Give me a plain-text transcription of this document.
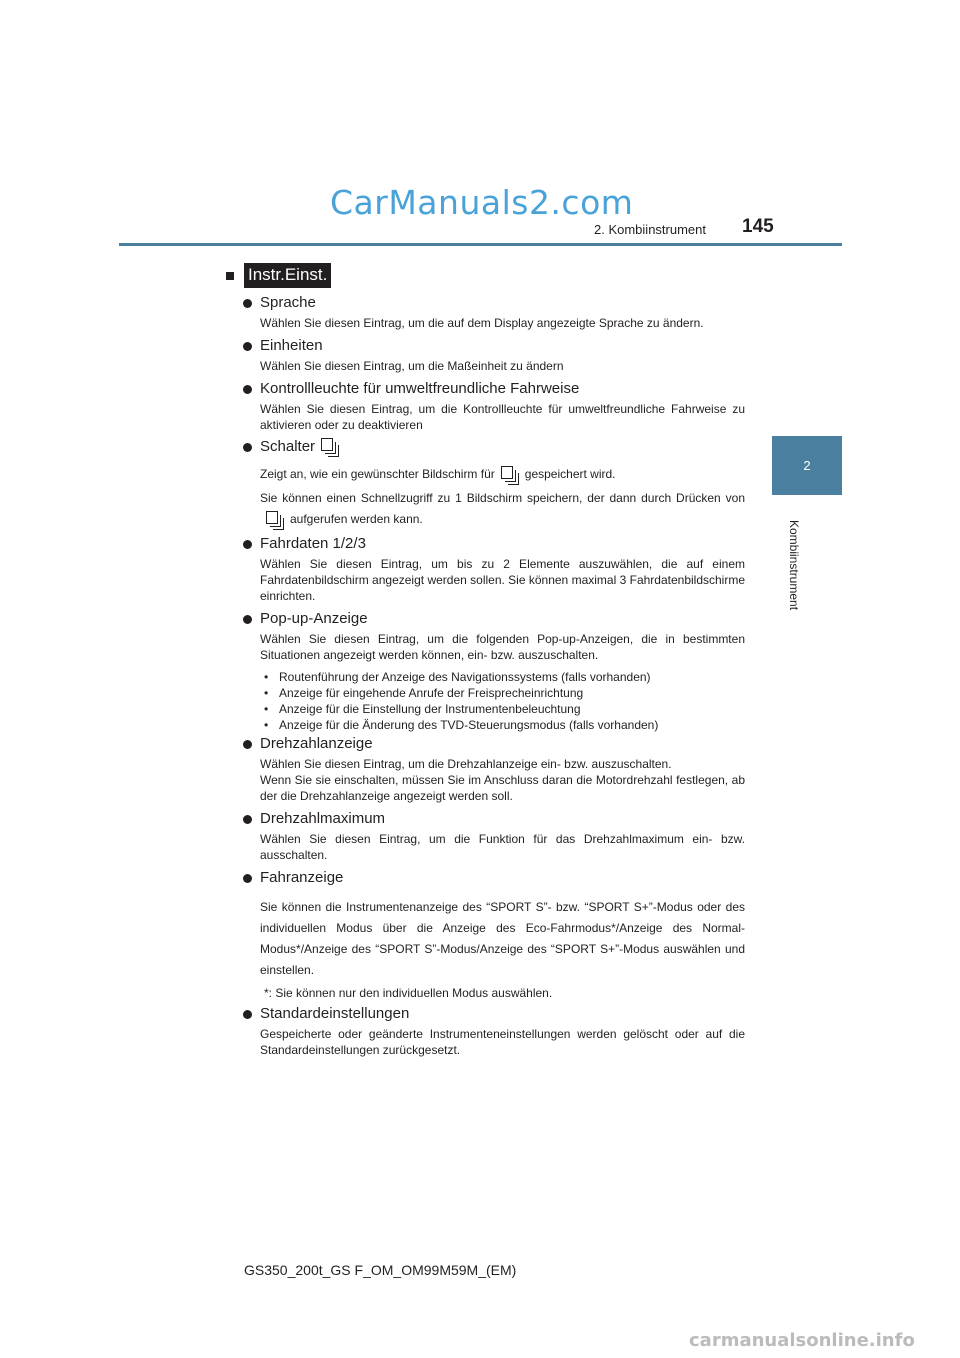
CarManuals2.com
2. Kombiinstrument 145
2
Kombiinstrument
Instr.Einst.
Sprache

Wählen Sie diesen Eintrag, um die auf dem Display angezeigte Sprache zu ändern.

Einheiten

Wählen Sie diesen Eintrag, um die Maßeinheit zu ändern

Kontrollleuchte für umweltfreundliche Fahrweise

Wählen Sie diesen Eintrag, um die Kontrollleuchte für umweltfreundliche Fahrweise zu aktivieren oder zu deaktivieren

Schalter

Zeigt an, wie ein gewünschter Bildschirm für	gespeichert wird.

Sie können einen Schnellzugriff zu 1 Bildschirm speichern, der dann durch Drücken von
aufgerufen werden kann.

Fahrdaten 1/2/3

Wählen Sie diesen Eintrag, um bis zu 2 Elemente auszuwählen, die auf einem Fahrdatenbildschirm angezeigt werden sollen. Sie können maximal 3 Fahrdatenbildschirme einrichten.

Pop-up-Anzeige

Wählen Sie diesen Eintrag, um die folgenden Pop-up-Anzeigen, die in bestimmten Situationen angezeigt werden können, ein- bzw. auszuschalten.

• Routenführung der Anzeige des Navigationssystems (falls vorhanden)
• Anzeige für eingehende Anrufe der Freisprecheinrichtung
• Anzeige für die Einstellung der Instrumentenbeleuchtung
• Anzeige für die Änderung des TVD-Steuerungsmodus (falls vorhanden)
Drehzahlanzeige

Wählen Sie diesen Eintrag, um die Drehzahlanzeige ein- bzw. auszuschalten.

Wenn Sie sie einschalten, müssen Sie im Anschluss daran die Motordrehzahl festlegen, ab der die Drehzahlanzeige angezeigt werden soll.

Drehzahlmaximum

Wählen Sie diesen Eintrag, um die Funktion für das Drehzahlmaximum ein- bzw. ausschalten.

Fahranzeige

Sie können die Instrumentenanzeige des “SPORT S”- bzw. “SPORT S+”-Modus oder des individuellen Modus über die Anzeige des Eco-Fahrmodus*/Anzeige des Normal-Modus*/Anzeige des “SPORT S”-Modus/Anzeige des “SPORT S+”-Modus auswählen und einstellen.

*: Sie können nur den individuellen Modus auswählen.
Standardeinstellungen

Gespeicherte oder geänderte Instrumenteneinstellungen werden gelöscht oder auf die Standardeinstellungen zurückgesetzt.

GS350_200t_GS F_OM_OM99M59M_(EM)
carmanualsonline.info
